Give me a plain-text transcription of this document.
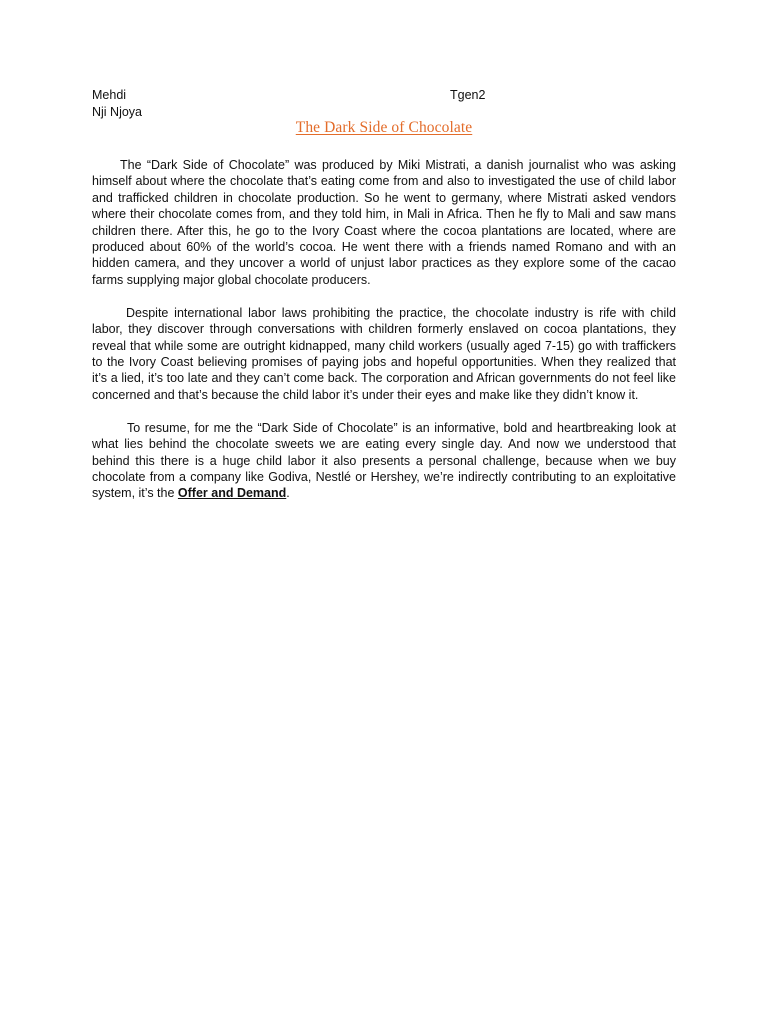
Mehdi
Nji Njoya
Tgen2
The Dark Side of Chocolate

The “Dark Side of Chocolate” was produced by Miki Mistrati, a danish journalist who was asking himself about where the chocolate that’s eating come from and also to investigated the use of child labor and trafficked children in chocolate production. So he went to germany, where Mistrati asked vendors where their chocolate comes from, and they told him, in Mali in Africa. Then he fly to Mali and saw mans children there. After this, he go to the Ivory Coast where the cocoa plantations are located, where are produced about 60% of the world’s cocoa. He went there with a friends named Romano and with an hidden camera, and they uncover a world of unjust labor practices as they explore some of the cacao farms supplying major global chocolate producers.

Despite international labor laws prohibiting the practice, the chocolate industry is rife with child labor, they discover through conversations with children formerly enslaved on cocoa plantations, they reveal that while some are outright kidnapped, many child workers (usually aged 7-15) go with traffickers to the Ivory Coast believing promises of paying jobs and hopeful opportunities. When they realized that it’s a lied, it’s too late and they can’t come back. The corporation and African governments do not feel like concerned and that’s because the child labor it’s under their eyes and make like they didn’t know it.

To resume, for me the “Dark Side of Chocolate” is an informative, bold and heartbreaking look at what lies behind the chocolate sweets we are eating every single day. And now we understood that behind this there is a huge child labor it also presents a personal challenge, because when we buy chocolate from a company like Godiva, Nestlé or Hershey, we’re indirectly contributing to an exploitative system, it’s the Offer and Demand.
